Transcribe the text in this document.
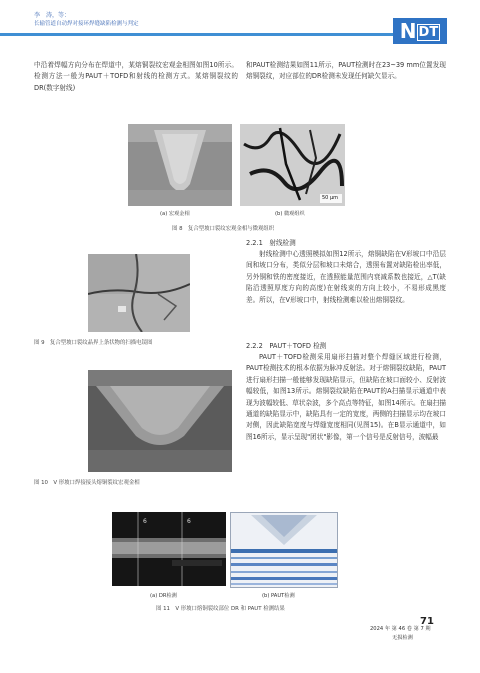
李　涛，等：
长输管道自动焊对接环焊缝缺陷检测与判定	N DT

中沿着焊幅方向分布在焊道中，某熔铜裂纹宏观金相图如图10所示。检测方法一般为PAUT＋TOFD和射线的检测方式。某熔铜裂纹的DR(数字射线)

和PAUT检测结果如图11所示，PAUT检测时在23~39 mm位置发现熔铜裂纹，对应部位的DR检测未发现任何缺欠显示。

50 μm
(a) 宏观金相	(b) 微观组织
图 8　复合型坡口裂纹宏观金相与微观组织
图 9　复合型坡口裂纹晶界上条状物的扫描电镜图
图 10　V 形坡口焊接接头熔铜裂纹宏观金相

2.2.1　射线检测

射线检测中心透照模拟如图12所示，熔铜缺陷在V形坡口中沿层间和坡口分布，类似分层和坡口未熔合，透照布置对缺陷检出率低，另外铜和铁的密度接近，在透照能量范围内衰减系数也接近，△T(缺陷沿透照厚度方向的高度)在射线束的方向上较小，不易形成黑度差。所以，在V形坡口中，射线检测难以检出熔铜裂纹。

2.2.2　PAUT＋TOFD 检测

PAUT＋TOFD检测采用扇形扫描对整个焊缝区域进行检测，PAUT检测技术的根本依据为脉冲反射法。对于熔铜裂纹缺陷，PAUT进行扇形扫描一般能够发现缺陷显示，但缺陷在坡口面较小、反射波幅较低，如图13所示。熔铜裂纹缺陷在PAUT的A扫描显示通道中表现为波幅较低、草状杂波，多个高点等特征，如图14所示。在扇扫描通道的缺陷显示中，缺陷具有一定的宽度，两侧的扫描显示均在坡口对侧，因此缺陷宽度与焊缝宽度相同(见图15)。在B显示通道中，如图16所示，显示呈现"团状"影像，第一个信号是反射信号，波幅最

6	6
(a) DR检测	(b) PAUT检测
图 11　V 形坡口熔铜裂纹部位 DR 和 PAUT 检测结果
71
2024 年 第 46 卷 第 7 期
无损检测
